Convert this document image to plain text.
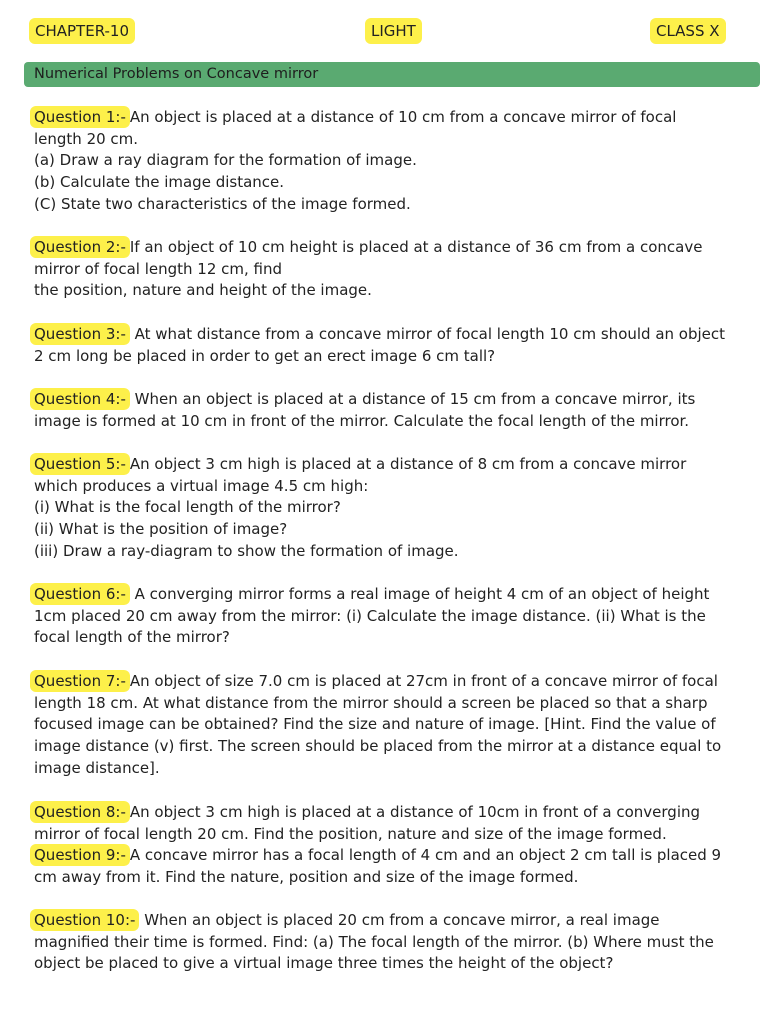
CHAPTER-10	LIGHT	CLASS X
Numerical Problems on Concave mirror
Question 1:- An object is placed at a distance of 10 cm from a concave mirror of focal
length 20 cm.
(a) Draw a ray diagram for the formation of image.
(b) Calculate the image distance.
(C) State two characteristics of the image formed.
Question 2:- If an object of 10 cm height is placed at a distance of 36 cm from a concave
mirror of focal length 12 cm, find
the position, nature and height of the image.
Question 3:- At what distance from a concave mirror of focal length 10 cm should an object
2 cm long be placed in order to get an erect image 6 cm tall?
Question 4:- When an object is placed at a distance of 15 cm from a concave mirror, its
image is formed at 10 cm in front of the mirror. Calculate the focal length of the mirror.
Question 5:- An object 3 cm high is placed at a distance of 8 cm from a concave mirror
which produces a virtual image 4.5 cm high:
(i) What is the focal length of the mirror?
(ii) What is the position of image?
(iii) Draw a ray-diagram to show the formation of image.
Question 6:- A converging mirror forms a real image of height 4 cm of an object of height
1cm placed 20 cm away from the mirror: (i) Calculate the image distance. (ii) What is the
focal length of the mirror?
Question 7:- An object of size 7.0 cm is placed at 27cm in front of a concave mirror of focal
length 18 cm. At what distance from the mirror should a screen be placed so that a sharp
focused image can be obtained? Find the size and nature of image. [Hint. Find the value of
image distance (v) first. The screen should be placed from the mirror at a distance equal to
image distance].
Question 8:- An object 3 cm high is placed at a distance of 10cm in front of a converging
mirror of focal length 20 cm. Find the position, nature and size of the image formed.
Question 9:- A concave mirror has a focal length of 4 cm and an object 2 cm tall is placed 9
cm away from it. Find the nature, position and size of the image formed.
Question 10:- When an object is placed 20 cm from a concave mirror, a real image
magnified their time is formed. Find: (a) The focal length of the mirror. (b) Where must the
object be placed to give a virtual image three times the height of the object?
